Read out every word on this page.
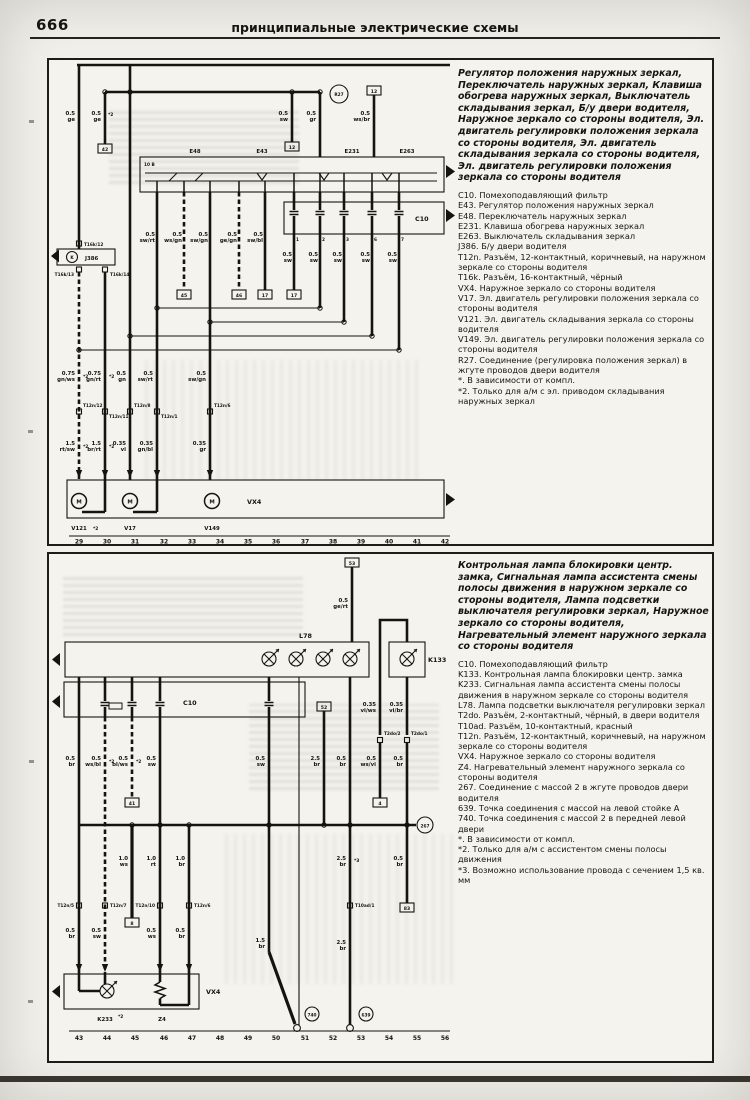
666	принципиальные электрические схемы
42	12
12
R27
0.5
ge
0.5
ge
*2	0.5
sw
0.5
gr
0.5
ws/br
E48	E43	E231	E263
10 B
C10
1	2	3	6	7
0.5
sw
0.5
sw
0.5
sw
0.5
sw
0.5
sw
17
45	46	17
0.5
sw/rt
0.5
ws/gn
0.5
sw/gn
0.5
ge/gn
0.5
sw/bl
T16k/12
K J386
T16k/13	T16k/14
0.75
gn/ws *2
0.75
gn/rt *2
0.5
gn
0.5
sw/rt
0.5
sw/gn
T12n/12
T12n/11
T12n/8
T12n/1
T12n/6
1.5
rt/sw *2
1.5
br/rt *2
0.35
vi
0.35
gn/bl
0.35
gr
M	M	M	VX4
V121 *2	V17	V149
29	30	31	32	33	34	35	36	37	38	39	40	41	42
Регулятор положения наружных зеркал, Переключатель наружных зеркал, Клавиша обогрева наружных зеркал, Выключатель складывания зеркал, Б/у двери водителя, Наружное зеркало со стороны водителя, Эл. двигатель регулировки положения зеркала со стороны водителя, Эл. двигатель складывания зеркала со стороны водителя, Эл. двигатель регулировки положения зеркала со стороны водителя
C10. Помехоподавляющий фильтр
E43. Регулятор положения наружных зеркал
E48. Переключатель наружных зеркал
E231. Клавиша обогрева наружных зеркал
E263. Выключатель складывания зеркал
J386. Б/у двери водителя
T12n. Разъём, 12-контактный, коричневый, на наружном зеркале со стороны водителя
T16k. Разъём, 16-контактный, чёрный
VX4. Наружное зеркало со стороны водителя
V17. Эл. двигатель регулировки положения зеркала со стороны водителя
V121. Эл. двигатель складывания зеркала со стороны водителя
V149. Эл. двигатель регулировки положения зеркала со стороны водителя
R27. Соединение (регулировка положения зеркал) в жгуте проводов двери водителя
*. В зависимости от компл.
*2. Только для а/м с эл. приводом складывания наружных зеркал
53
0.5
ge/rt
L78
K133
C10
41
0.5
br
0.5
ws/bl *2
0.5
bl/ws *2
0.5
sw
0.5
sw
52
2.5
br
0.5
br
0.35
vi/ws
0.35
vi/br
T2do/2 T2do/1
4
0.5
ws/vi
0.5
br
0.5
br
83
267
8
1.0
ws
1.0
rt
1.0
br
2.5
br
*3
T12n/5	T12n/7 T12n/10	T12n/6	T10ad/1
0.5
br
0.5
sw
0.5
ws
0.5
br
1.5
br
2.5
br
740	639
VX4
K233 *2	Z4
43	44	45	46	47	48	49	50	51	52	53	54	55	56
Контрольная лампа блокировки центр. замка, Сигнальная лампа ассистента смены полосы движения в наружном зеркале со стороны водителя, Лампа подсветки выключателя регулировки зеркал, Наружное зеркало со стороны водителя, Нагревательный элемент наружного зеркала со стороны водителя
C10. Помехоподавляющий фильтр
K133. Контрольная лампа блокировки центр. замка
K233. Сигнальная лампа ассистента смены полосы движения в наружном зеркале со стороны водителя
L78. Лампа подсветки выключателя регулировки зеркал
T2do. Разъём, 2-контактный, чёрный, в двери водителя
T10ad. Разъём, 10-контактный, красный
T12n. Разъём, 12-контактный, коричневый, на наружном зеркале со стороны водителя
VX4. Наружное зеркало со стороны водителя
Z4. Нагревательный элемент наружного зеркала со стороны водителя
267. Соединение с массой 2 в жгуте проводов двери водителя
639. Точка соединения с массой на левой стойке А
740. Точка соединения с массой 2 в передней левой двери
*. В зависимости от компл.
*2. Только для а/м с ассистентом смены полосы движения
*3. Возможно использование провода с сечением 1,5 кв. мм
